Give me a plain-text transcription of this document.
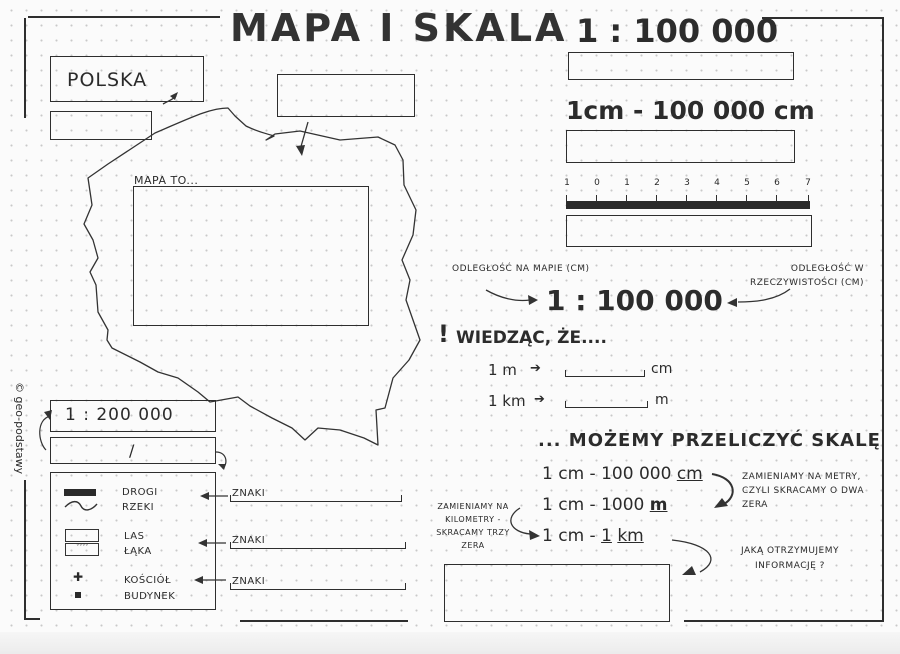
MAPA I SKALA 1 : 100 000
POLSKA
MAPA TO...
© geo-podstawy 1 : 200 000
/
DROGI
RZEKI
ˇˇˇˇ
LAS
ŁĄKA
✚	KOŚCIÓŁ
BUDYNEK
ZNAKI
ZNAKI
ZNAKI
1cm - 100 000 cm
1	0	1	2	3	4	5	6	7
ODLEGŁOŚĆ NA MAPIE (CM)	ODLEGŁOŚĆ W RZECZYWISTOŚCI (CM)
1 : 100 000
! WIEDZĄC, ŻE....
1 m ➔	cm
1 km ➔	m
... MOŻEMY PRZELICZYĆ SKALĘ
1 cm - 100 000 cm
1 cm - 1000 m
1 cm - 1 km
ZAMIENIAMY NA METRY, CZYLI SKRACAMY O DWA ZERA
ZAMIENIAMY NA KILOMETRY - SKRACAMY TRZY ZERA
JAKĄ OTRZYMUJEMY INFORMACJĘ ?
